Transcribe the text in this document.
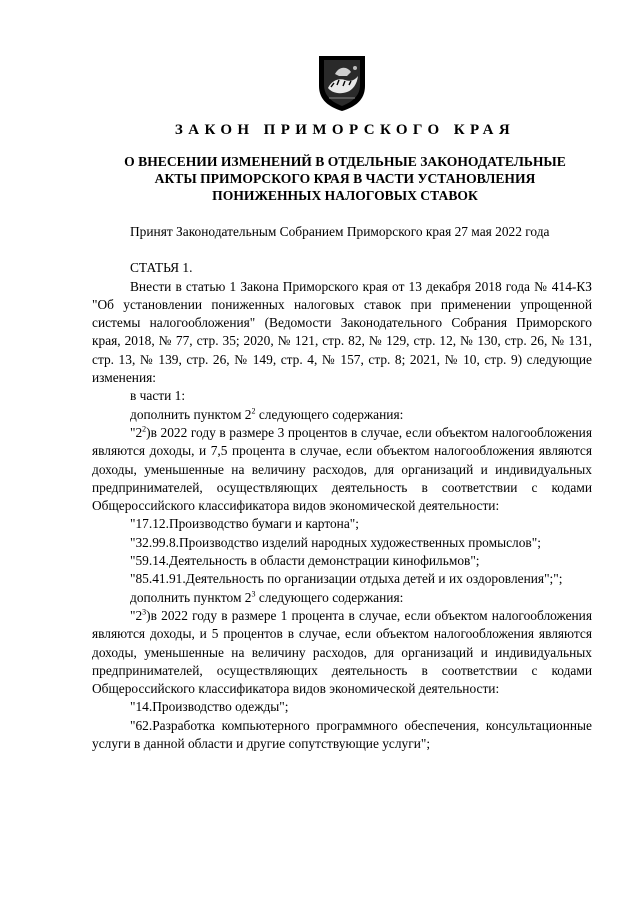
ЗАКОН ПРИМОРСКОГО КРАЯ
О ВНЕСЕНИИ ИЗМЕНЕНИЙ В ОТДЕЛЬНЫЕ ЗАКОНОДАТЕЛЬНЫЕ
АКТЫ ПРИМОРСКОГО КРАЯ В ЧАСТИ УСТАНОВЛЕНИЯ
ПОНИЖЕННЫХ НАЛОГОВЫХ СТАВОК

Принят Законодательным Собранием Приморского края 27 мая 2022 года

СТАТЬЯ 1.

Внести в статью 1 Закона Приморского края от 13 декабря 2018 года № 414-КЗ "Об установлении пониженных налоговых ставок при применении упрощенной системы налогообложения" (Ведомости Законодательного Собрания Приморского края, 2018, № 77, стр. 35; 2020, № 121, стр. 82, № 129, стр. 12, № 130, стр. 26, № 131, стр. 13, № 139, стр. 26, № 149, стр. 4, № 157, стр. 8; 2021, № 10, стр. 9) следующие изменения:

в части 1:

дополнить пунктом $2^2$ следующего содержания:

"$2^2)в$ 2022 году в размере 3 процентов в случае, если объектом налогообложения являются доходы, и 7,5 процента в случае, если объектом налогообложения являются доходы, уменьшенные на величину расходов, для организаций и индивидуальных предпринимателей, осуществляющих деятельность в соответствии с кодами Общероссийского классификатора видов экономической деятельности:

"17.12.Производство бумаги и картона";

"32.99.8.Производство изделий народных художественных промыслов";

"59.14.Деятельность в области демонстрации кинофильмов";

"85.41.91.Деятельность по организации отдыха детей и их оздоровления";";

дополнить пунктом $2^3$ следующего содержания:

"$2^3)в$ 2022 году в размере 1 процента в случае, если объектом налогообложения являются доходы, и 5 процентов в случае, если объектом налогообложения являются доходы, уменьшенные на величину расходов, для организаций и индивидуальных предпринимателей, осуществляющих деятельность в соответствии с кодами Общероссийского классификатора видов экономической деятельности:

"14.Производство одежды";

"62.Разработка компьютерного программного обеспечения, консультационные услуги в данной области и другие сопутствующие услуги";
